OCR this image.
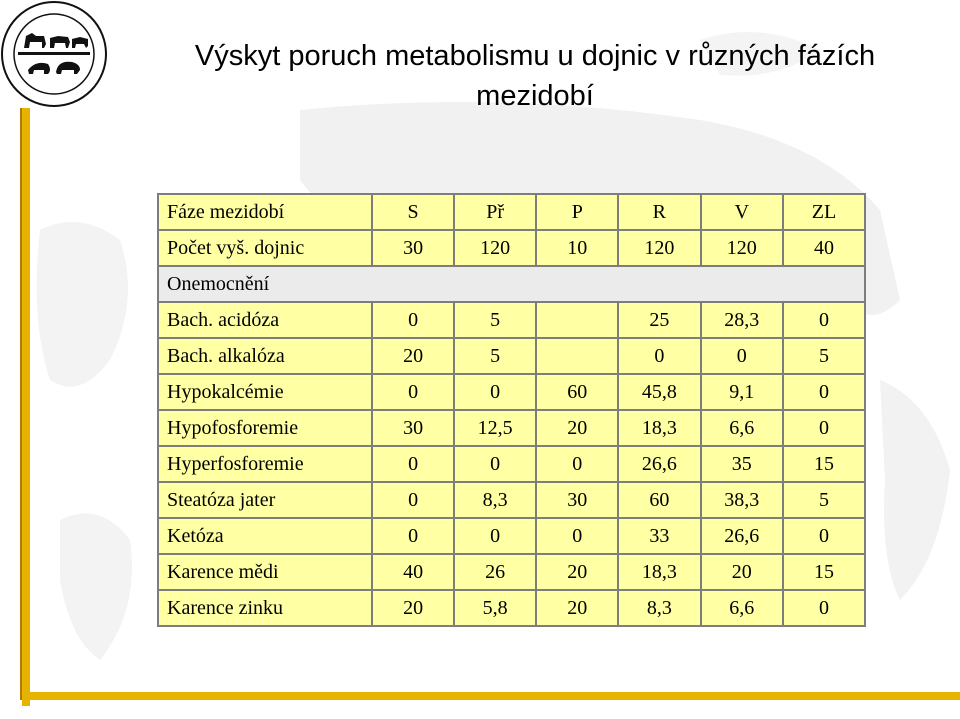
Výskyt poruch metabolismu u dojnic v různých fázích mezidobí
Fáze mezidobí	S	Př	P	R	V	ZL
Počet vyš. dojnic	30	120	10	120	120	40
Onemocnění						
Bach. acidóza	0	5		25	28,3	0
Bach. alkalóza	20	5		0	0	5
Hypokalcémie	0	0	60	45,8	9,1	0
Hypofosforemie	30	12,5	20	18,3	6,6	0
Hyperfosforemie	0	0	0	26,6	35	15
Steatóza jater	0	8,3	30	60	38,3	5
Ketóza	0	0	0	33	26,6	0
Karence mědi	40	26	20	18,3	20	15
Karence zinku	20	5,8	20	8,3	6,6	0
